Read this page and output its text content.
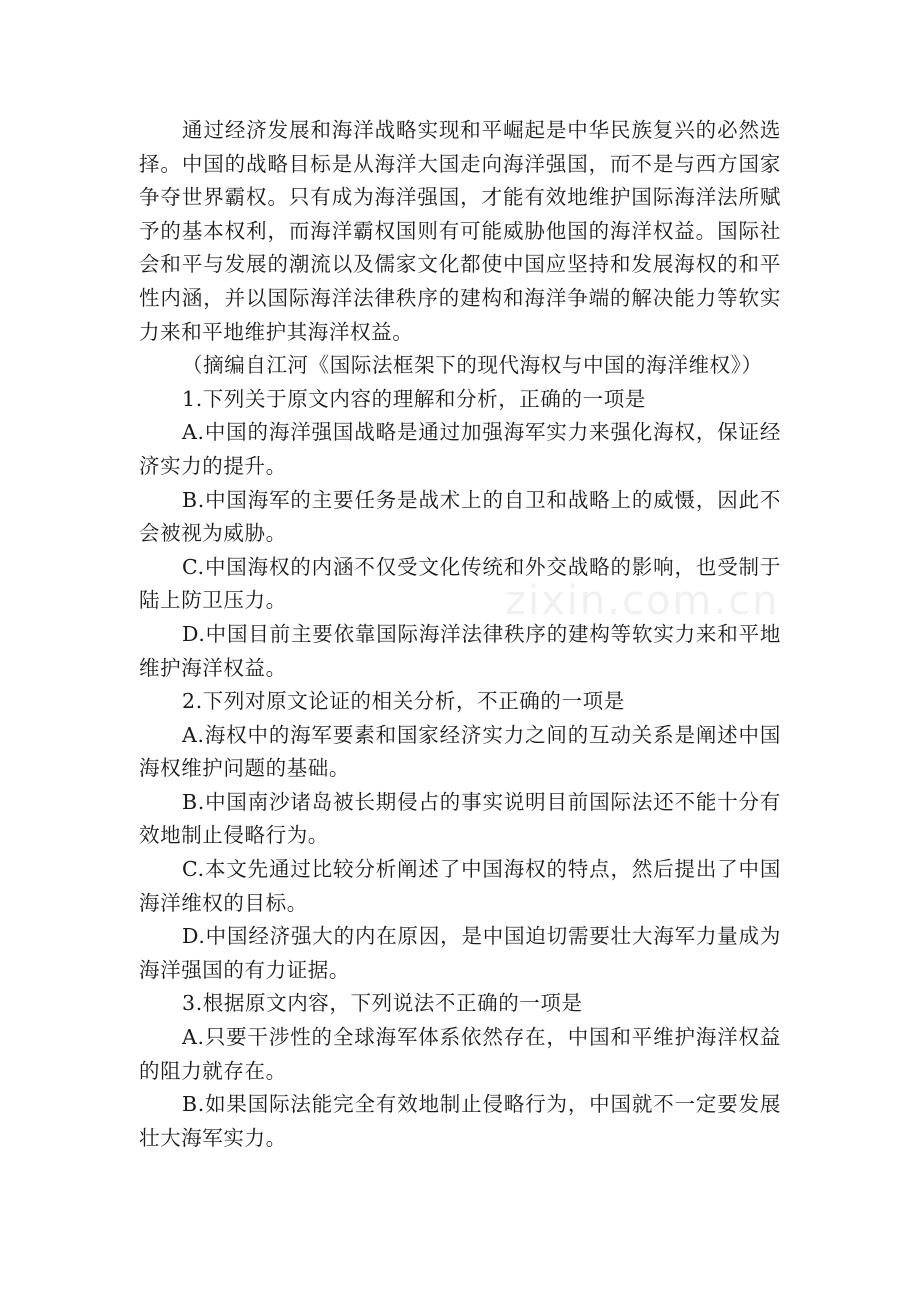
通过经济发展和海洋战略实现和平崛起是中华民族复兴的必然选择。中国的战略目标是从海洋大国走向海洋强国，而不是与西方国家争夺世界霸权。只有成为海洋强国，才能有效地维护国际海洋法所赋予的基本权利，而海洋霸权国则有可能威胁他国的海洋权益。国际社会和平与发展的潮流以及儒家文化都使中国应坚持和发展海权的和平性内涵，并以国际海洋法律秩序的建构和海洋争端的解决能力等软实力来和平地维护其海洋权益。

（摘编自江河《国际法框架下的现代海权与中国的海洋维权》）

1.下列关于原文内容的理解和分析，正确的一项是

A.中国的海洋强国战略是通过加强海军实力来强化海权，保证经济实力的提升。

B.中国海军的主要任务是战术上的自卫和战略上的威慑，因此不会被视为威胁。

C.中国海权的内涵不仅受文化传统和外交战略的影响，也受制于陆上防卫压力。

D.中国目前主要依靠国际海洋法律秩序的建构等软实力来和平地维护海洋权益。

2.下列对原文论证的相关分析，不正确的一项是

A.海权中的海军要素和国家经济实力之间的互动关系是阐述中国海权维护问题的基础。

B.中国南沙诸岛被长期侵占的事实说明目前国际法还不能十分有效地制止侵略行为。

C.本文先通过比较分析阐述了中国海权的特点，然后提出了中国海洋维权的目标。

D.中国经济强大的内在原因，是中国迫切需要壮大海军力量成为海洋强国的有力证据。

3.根据原文内容，下列说法不正确的一项是

A.只要干涉性的全球海军体系依然存在，中国和平维护海洋权益的阻力就存在。

B.如果国际法能完全有效地制止侵略行为，中国就不一定要发展壮大海军实力。

zixin.com.cn
